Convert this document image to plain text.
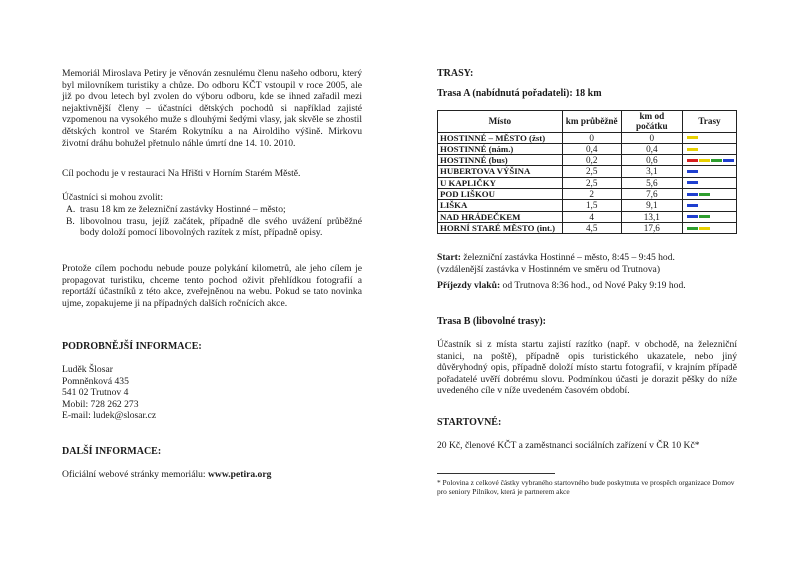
Memoriál Miroslava Petiry je věnován zesnulému členu našeho odboru, který byl milovníkem turistiky a chůze. Do odboru KČT vstoupil v roce 2005, ale již po dvou letech byl zvolen do výboru odboru, kde se ihned zařadil mezi nejaktivnější členy – účastníci dětských pochodů si například zajisté vzpomenou na vysokého muže s dlouhými šedými vlasy, jak skvěle se zhostil dětských kontrol ve Starém Rokytníku a na Airoldiho výšině. Mirkovu životní dráhu bohužel přetnulo náhle úmrtí dne 14. 10. 2010.

Cíl pochodu je v restauraci Na Hřišti v Horním Starém Městě.

Účastníci si mohou zvolit:

A. trasu 18 km ze železniční zastávky Hostinné – město;
B. libovolnou trasu, jejíž začátek, případně dle svého uvážení průběžné body doloží pomocí libovolných razítek z míst, případně opisy.

Protože cílem pochodu nebude pouze polykání kilometrů, ale jeho cílem je propagovat turistiku, chceme tento pochod oživit přehlídkou fotografií a reportáží účastníků z této akce, zveřejněnou na webu. Pokud se tato novinka ujme, zopakujeme ji na případných dalších ročnících akce.

PODROBNĚJŠÍ INFORMACE:

Luděk Šlosar

Pomněnková 435

541 02 Trutnov 4

Mobil: 728 262 273

E-mail: ludek@slosar.cz

DALŠÍ INFORMACE:

Oficiální webové stránky memoriálu: www.petira.org

TRASY:

Trasa A (nabídnutá pořadateli): 18 km

Místo	km průběžně	km od počátku	Trasy
HOSTINNÉ – MĚSTO (žst)	0	0	

HOSTINNÉ (nám.)	0,4	0,4	

HOSTINNÉ (bus)	0,2	0,6	

HUBERTOVA VÝŠINA	2,5	3,1	

U KAPLIČKY	2,5	5,6	

POD LIŠKOU	2	7,6	

LIŠKA	1,5	9,1	

NAD HRÁDEČKEM	4	13,1	

HORNÍ STARÉ MĚSTO (int.)	4,5	17,6	

Start: železniční zastávka Hostinné – město, 8:45 – 9:45 hod.

(vzdálenější zastávka v Hostinném ve směru od Trutnova)

Příjezdy vlaků: od Trutnova 8:36 hod., od Nové Paky 9:19 hod.

Trasa B (libovolné trasy):

Účastník si z místa startu zajistí razítko (např. v obchodě, na železniční stanici, na poště), případně opis turistického ukazatele, nebo jiný důvěryhodný opis, případně doloží místo startu fotografií, v krajním případě pořadatelé uvěří dobrému slovu. Podmínkou účasti je dorazit pěšky do níže uvedeného cíle v níže uvedeném časovém období.

STARTOVNÉ:

20 Kč, členové KČT a zaměstnanci sociálních zařízení v ČR 10 Kč*

* Polovina z celkové částky vybraného startovného bude poskytnuta ve prospěch organizace Domov pro seniory Pilníkov, která je partnerem akce
